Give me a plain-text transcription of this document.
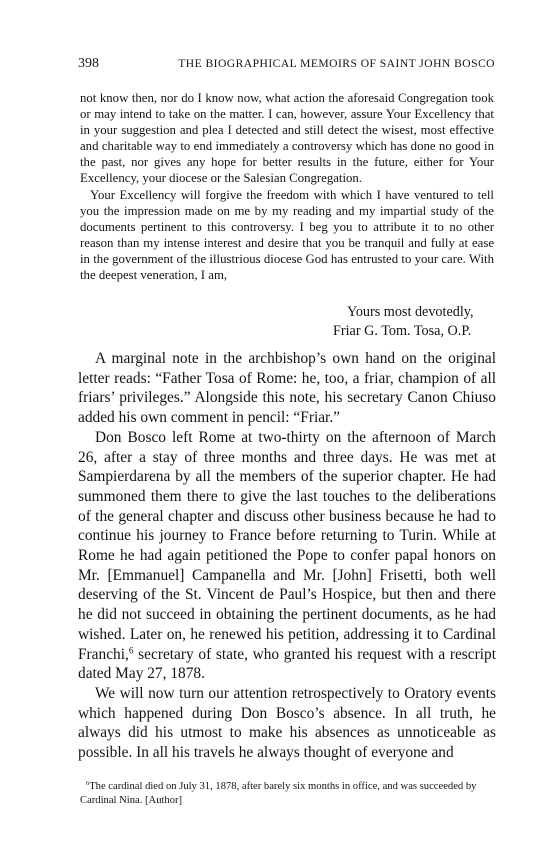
398	THE BIOGRAPHICAL MEMOIRS OF SAINT JOHN BOSCO

not know then, nor do I know now, what action the aforesaid Congregation took or may intend to take on the matter. I can, however, assure Your Excellency that in your suggestion and plea I detected and still detect the wisest, most effective and charitable way to end immediately a controversy which has done no good in the past, nor gives any hope for better results in the future, either for Your Excellency, your diocese or the Salesian Congregation.

Your Excellency will forgive the freedom with which I have ventured to tell you the impression made on me by my reading and my impartial study of the documents pertinent to this controversy. I beg you to attribute it to no other reason than my intense interest and desire that you be tranquil and fully at ease in the government of the illustrious diocese God has entrusted to your care. With the deepest veneration, I am,

Yours most devotedly,
Friar G. Tom. Tosa, O.P.

A marginal note in the archbishop’s own hand on the original letter reads: “Father Tosa of Rome: he, too, a friar, champion of all friars’ privileges.” Alongside this note, his secretary Canon Chiuso added his own comment in pencil: “Friar.”

Don Bosco left Rome at two-thirty on the afternoon of March 26, after a stay of three months and three days. He was met at Sampierdarena by all the members of the superior chapter. He had summoned them there to give the last touches to the deliberations of the general chapter and discuss other business because he had to continue his journey to France before returning to Turin. While at Rome he had again petitioned the Pope to confer papal honors on Mr. [Emmanuel] Campanella and Mr. [John] Frisetti, both well deserving of the St. Vincent de Paul’s Hospice, but then and there he did not succeed in obtaining the pertinent documents, as he had wished. Later on, he renewed his petition, addressing it to Cardinal Franchi,$^6$ secretary of state, who granted his request with a rescript dated May 27, 1878.

We will now turn our attention retrospectively to Oratory events which happened during Don Bosco’s absence. In all truth, he always did his utmost to make his absences as unnoticeable as possible. In all his travels he always thought of everyone and

$^6$The cardinal died on July 31, 1878, after barely six months in office, and was succeeded by Cardinal Nina. [Author]
